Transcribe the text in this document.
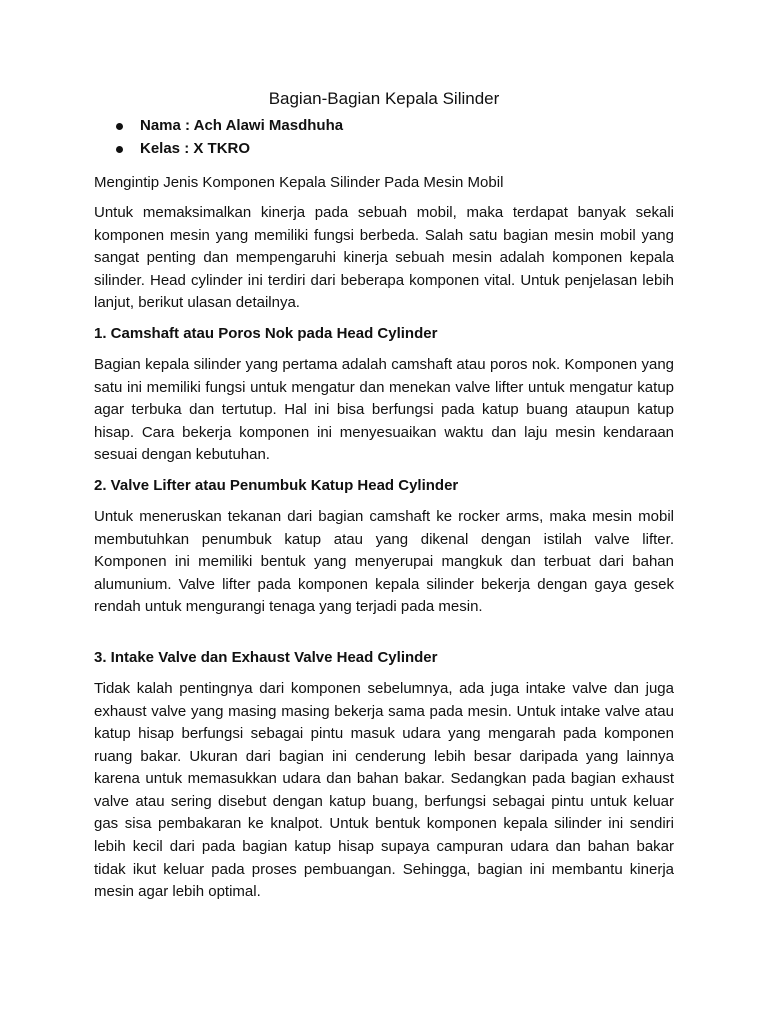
Bagian-Bagian Kepala Silinder
Nama : Ach Alawi Masdhuha
Kelas : X TKRO

Mengintip Jenis Komponen Kepala Silinder Pada Mesin Mobil

Untuk memaksimalkan kinerja pada sebuah mobil, maka terdapat banyak sekali komponen mesin yang memiliki fungsi berbeda. Salah satu bagian mesin mobil yang sangat penting dan mempengaruhi kinerja sebuah mesin adalah komponen kepala silinder. Head cylinder ini terdiri dari beberapa komponen vital. Untuk penjelasan lebih lanjut, berikut ulasan detailnya.

1. Camshaft atau Poros Nok pada Head Cylinder

Bagian kepala silinder yang pertama adalah camshaft atau poros nok. Komponen yang satu ini memiliki fungsi untuk mengatur dan menekan valve lifter untuk mengatur katup agar terbuka dan tertutup. Hal ini bisa berfungsi pada katup buang ataupun katup hisap. Cara bekerja komponen ini menyesuaikan waktu dan laju mesin kendaraan sesuai dengan kebutuhan.

2. Valve Lifter atau Penumbuk Katup Head Cylinder

Untuk meneruskan tekanan dari bagian camshaft ke rocker arms, maka mesin mobil membutuhkan penumbuk katup atau yang dikenal dengan istilah valve lifter. Komponen ini memiliki bentuk yang menyerupai mangkuk dan terbuat dari bahan alumunium. Valve lifter pada komponen kepala silinder bekerja dengan gaya gesek rendah untuk mengurangi tenaga yang terjadi pada mesin.

3. Intake Valve dan Exhaust Valve Head Cylinder

Tidak kalah pentingnya dari komponen sebelumnya, ada juga intake valve dan juga exhaust valve yang masing masing bekerja sama pada mesin. Untuk intake valve atau katup hisap berfungsi sebagai pintu masuk udara yang mengarah pada komponen ruang bakar. Ukuran dari bagian ini cenderung lebih besar daripada yang lainnya karena untuk memasukkan udara dan bahan bakar. Sedangkan pada bagian exhaust valve atau sering disebut dengan katup buang, berfungsi sebagai pintu untuk keluar gas sisa pembakaran ke knalpot. Untuk bentuk komponen kepala silinder ini sendiri lebih kecil dari pada bagian katup hisap supaya campuran udara dan bahan bakar tidak ikut keluar pada proses pembuangan. Sehingga, bagian ini membantu kinerja mesin agar lebih optimal.
